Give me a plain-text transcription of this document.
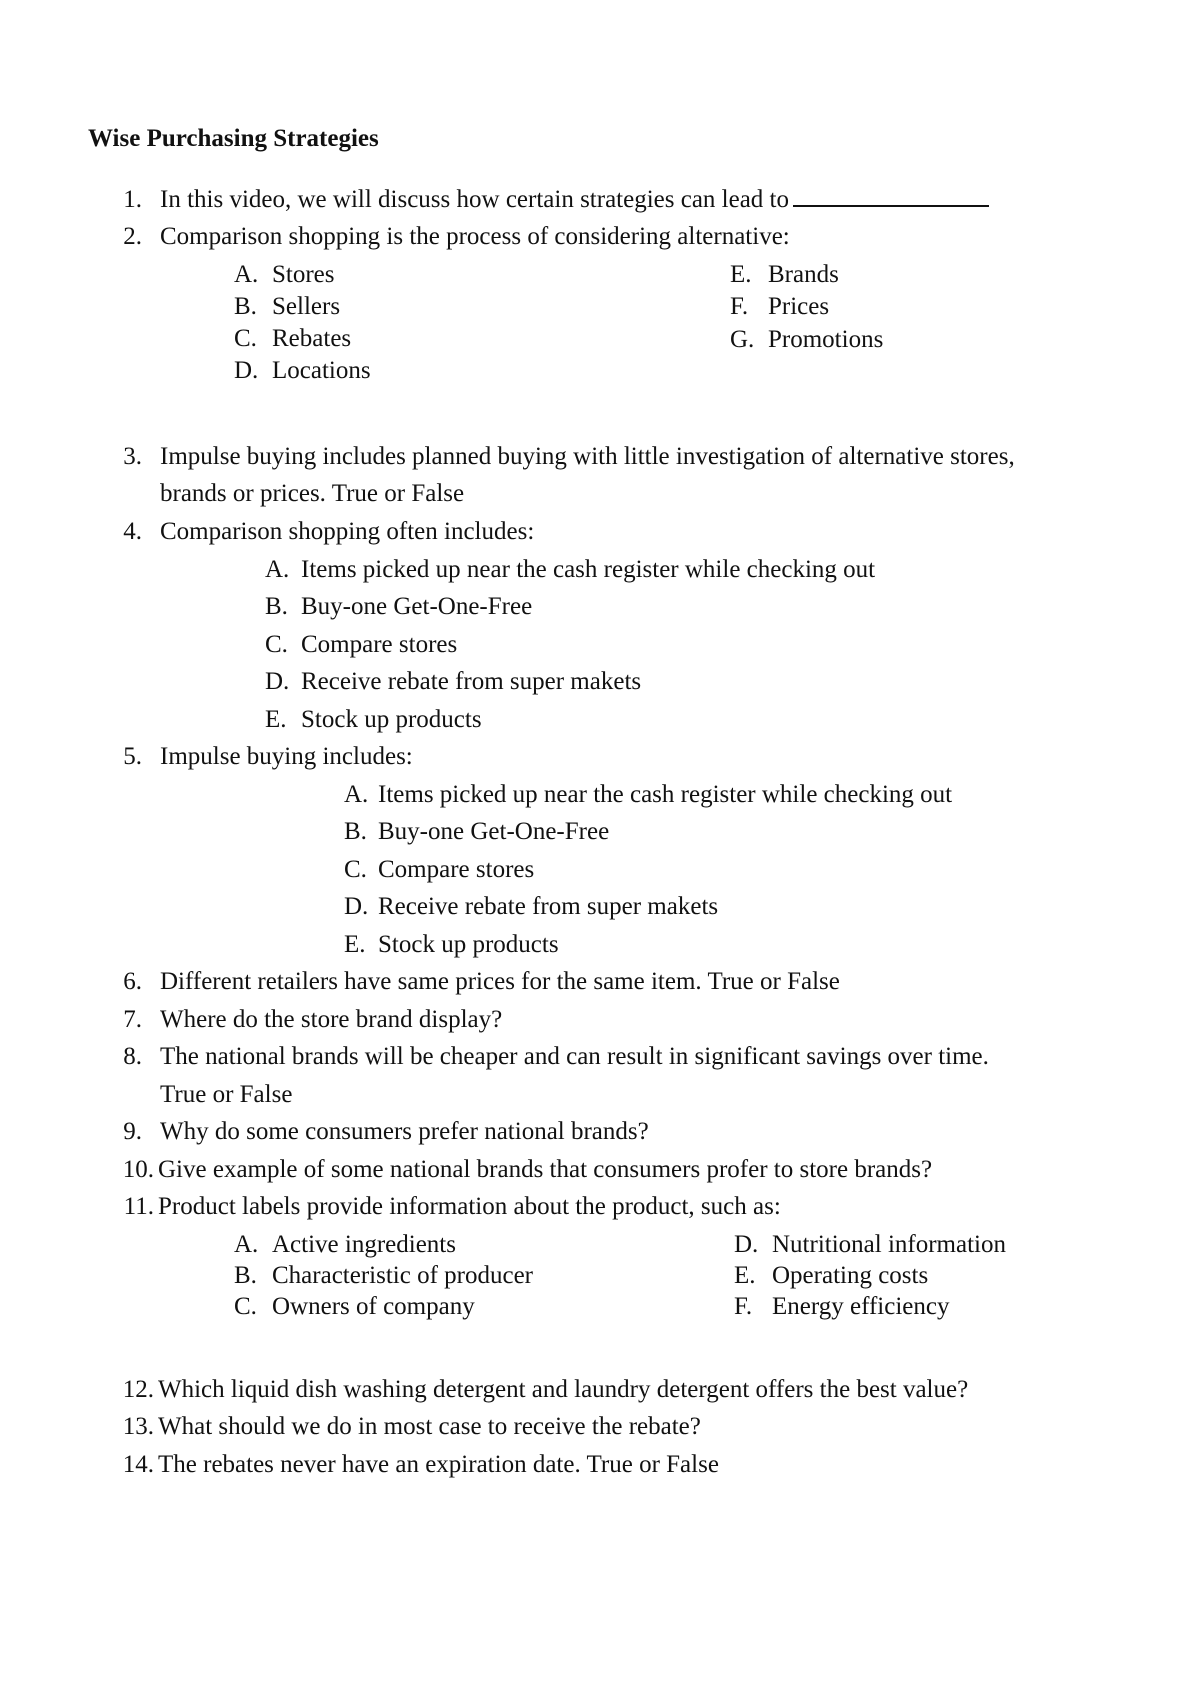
Wise Purchasing Strategies
1. In this video, we will discuss how certain strategies can lead to
2. Comparison shopping is the process of considering alternative:
A. Stores
B. Sellers
C. Rebates
D. Locations
E. Brands
F. Prices
G. Promotions
3. Impulse buying includes planned buying with little investigation of alternative stores,
brands or prices. True or False
4. Comparison shopping often includes:
A. Items picked up near the cash register while checking out
B. Buy-one Get-One-Free
C. Compare stores
D. Receive rebate from super makets
E. Stock up products
5. Impulse buying includes:
A. Items picked up near the cash register while checking out
B. Buy-one Get-One-Free
C. Compare stores
D. Receive rebate from super makets
E. Stock up products
6. Different retailers have same prices for the same item. True or False
7. Where do the store brand display?
8. The national brands will be cheaper and can result in significant savings over time.
True or False
9. Why do some consumers prefer national brands?
10. Give example of some national brands that consumers profer to store brands?
11. Product labels provide information about the product, such as:
A. Active ingredients
B. Characteristic of producer
C. Owners of company
D. Nutritional information
E. Operating costs
F. Energy efficiency
12. Which liquid dish washing detergent and laundry detergent offers the best value?
13. What should we do in most case to receive the rebate?
14. The rebates never have an expiration date. True or False
